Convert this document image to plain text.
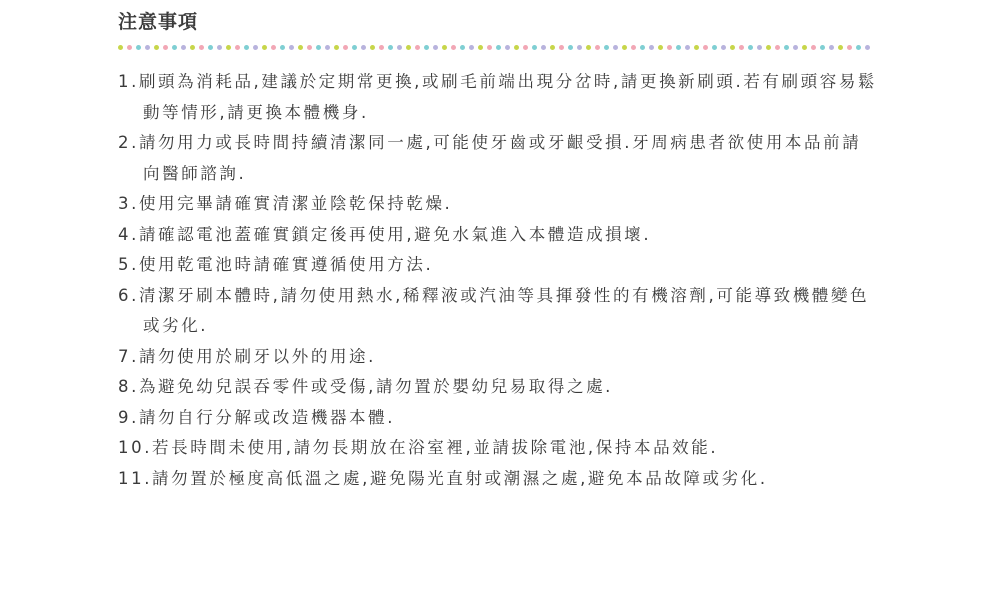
注意事項
1.刷頭為消耗品,建議於定期常更換,或刷毛前端出現分岔時,請更換新刷頭.若有刷頭容易鬆動等情形,請更換本體機身.
2.請勿用力或長時間持續清潔同一處,可能使牙齒或牙齦受損.牙周病患者欲使用本品前請向醫師諮詢.
3.使用完畢請確實清潔並陰乾保持乾燥.
4.請確認電池蓋確實鎖定後再使用,避免水氣進入本體造成損壞.
5.使用乾電池時請確實遵循使用方法.
6.清潔牙刷本體時,請勿使用熱水,稀釋液或汽油等具揮發性的有機溶劑,可能導致機體變色或劣化.
7.請勿使用於刷牙以外的用途.
8.為避免幼兒誤吞零件或受傷,請勿置於嬰幼兒易取得之處.
9.請勿自行分解或改造機器本體.
10.若長時間未使用,請勿長期放在浴室裡,並請拔除電池,保持本品效能.
11.請勿置於極度高低溫之處,避免陽光直射或潮濕之處,避免本品故障或劣化.
